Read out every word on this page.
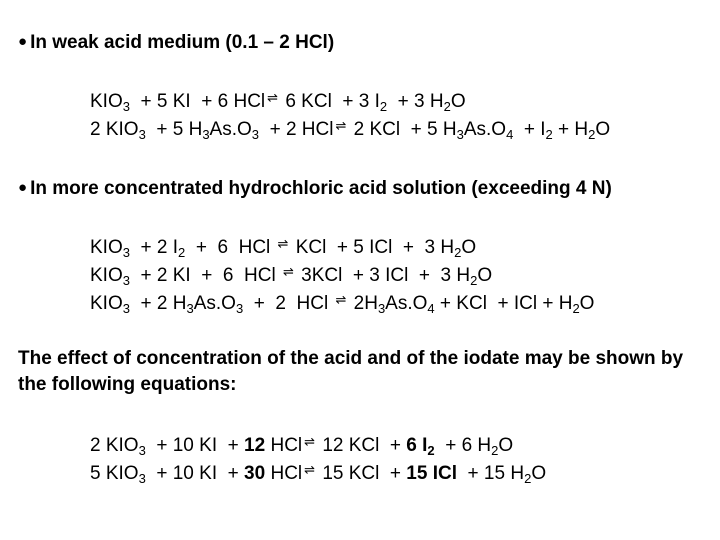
● In weak acid medium (0.1 – 2 HCl)
$KIO_3 + 5$ KI  + 6 HCl ⇌ 6 KCl  + 3 $I_2 + 3$ $H_2O$
2 $KIO_3 + 5$ $H_3As.O_3 + 2$ HCl ⇌ 2 KCl  + 5 $H_3As.O_4 + I_2 + H_2O$
● In more concentrated hydrochloric acid solution (exceeding 4 N)
$KIO_3 + 2$ $I_2 + 6$  HCl ⇌ KCl  + 5 ICl  +  3 $H_2O$
$KIO_3 + 2$ KI  +  6  HCl ⇌ 3KCl  + 3 ICl  +  3 $H_2O$
$KIO_3 + 2$ $H_3As.O_3 + 2$  HCl ⇌ $2H_3As.O_4$ + KCl  + ICl + $H_2O$
The effect of concentration of the acid and of the iodate may be shown by the following equations:
2 $KIO_3 + 10$ KI  + 12 HCl ⇌ 12 KCl  + 6 $I_2 + 6$ $H_2O$
5 $KIO_3 + 10$ KI  + 30 HCl ⇌ 15 KCl  + 15 ICl  + 15 $H_2O$
